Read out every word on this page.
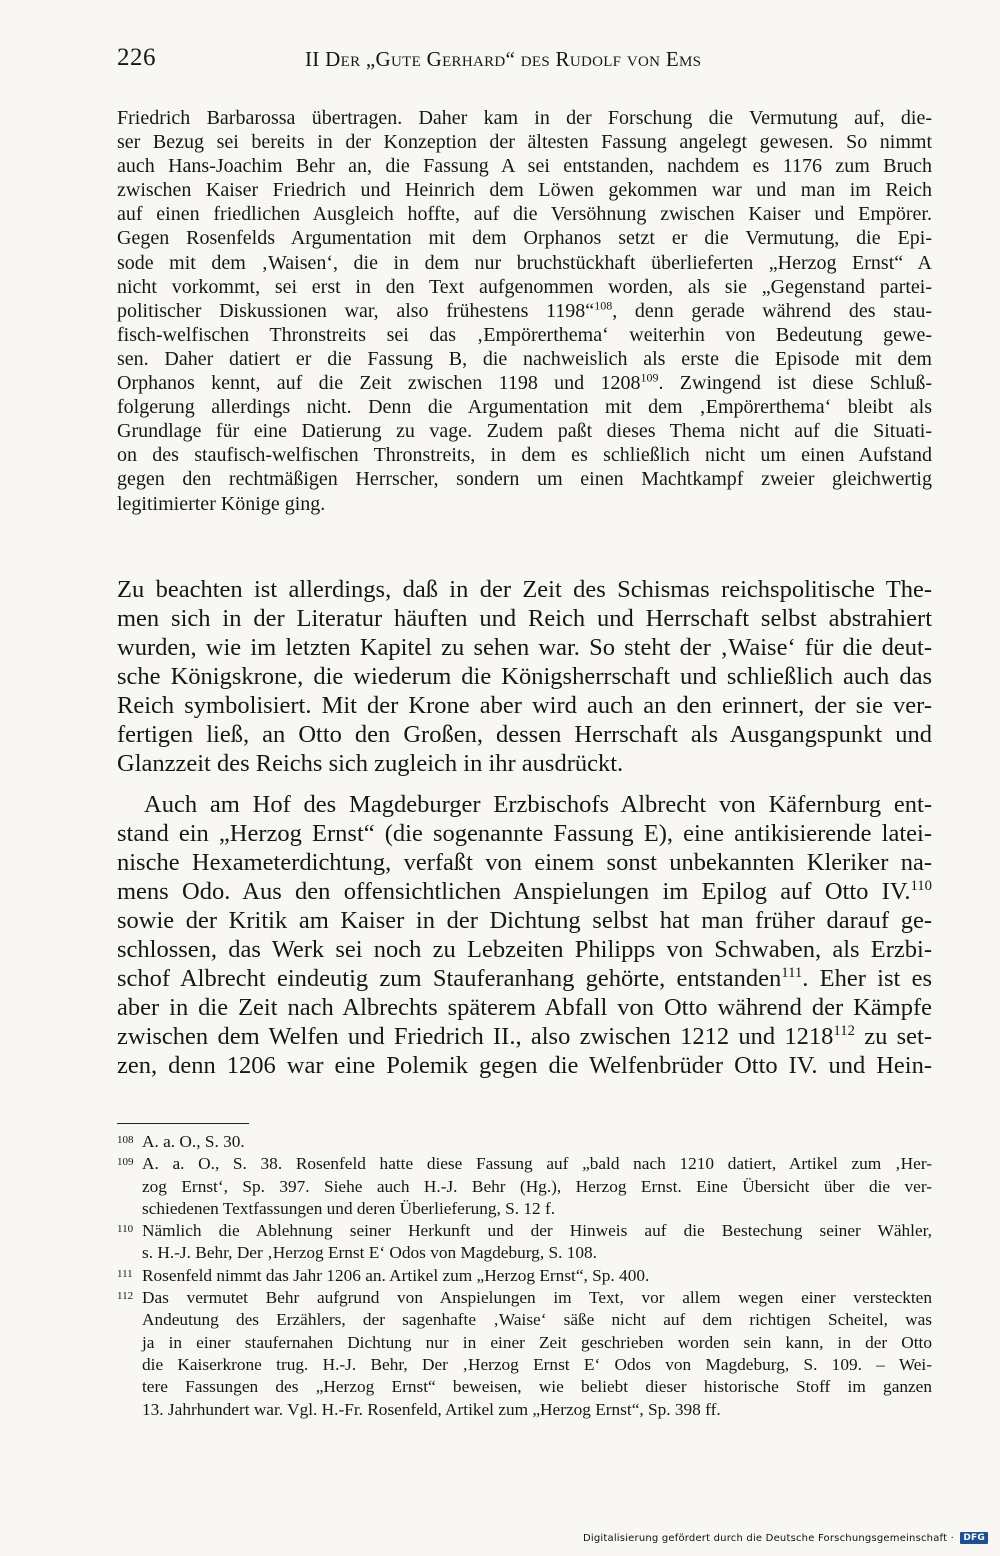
226	II Der „Gute Gerhard“ des Rudolf von Ems
Friedrich Barbarossa übertragen. Daher kam in der Forschung die Vermutung auf, die-
ser Bezug sei bereits in der Konzeption der ältesten Fassung angelegt gewesen. So nimmt
auch Hans-Joachim Behr an, die Fassung A sei entstanden, nachdem es 1176 zum Bruch
zwischen Kaiser Friedrich und Heinrich dem Löwen gekommen war und man im Reich
auf einen friedlichen Ausgleich hoffte, auf die Versöhnung zwischen Kaiser und Empörer.
Gegen Rosenfelds Argumentation mit dem Orphanos setzt er die Vermutung, die Epi-
sode mit dem ‚Waisen‘, die in dem nur bruchstückhaft überlieferten „Herzog Ernst“ A
nicht vorkommt, sei erst in den Text aufgenommen worden, als sie „Gegenstand partei-
politischer Diskussionen war, also frühestens 1198“$^{108}$, denn gerade während des stau-
fisch-welfischen Thronstreits sei das ‚Empörerthema‘ weiterhin von Bedeutung gewe-
sen. Daher datiert er die Fassung B, die nachweislich als erste die Episode mit dem
Orphanos kennt, auf die Zeit zwischen 1198 und 1208$^{109}$. Zwingend ist diese Schluß-
folgerung allerdings nicht. Denn die Argumentation mit dem ‚Empörerthema‘ bleibt als
Grundlage für eine Datierung zu vage. Zudem paßt dieses Thema nicht auf die Situati-
on des staufisch-welfischen Thronstreits, in dem es schließlich nicht um einen Aufstand
gegen den rechtmäßigen Herrscher, sondern um einen Machtkampf zweier gleichwertig
legitimierter Könige ging.
Zu beachten ist allerdings, daß in der Zeit des Schismas reichspolitische The-
men sich in der Literatur häuften und Reich und Herrschaft selbst abstrahiert
wurden, wie im letzten Kapitel zu sehen war. So steht der ‚Waise‘ für die deut-
sche Königskrone, die wiederum die Königsherrschaft und schließlich auch das
Reich symbolisiert. Mit der Krone aber wird auch an den erinnert, der sie ver-
fertigen ließ, an Otto den Großen, dessen Herrschaft als Ausgangspunkt und
Glanzzeit des Reichs sich zugleich in ihr ausdrückt.
Auch am Hof des Magdeburger Erzbischofs Albrecht von Käfernburg ent-
stand ein „Herzog Ernst“ (die sogenannte Fassung E), eine antikisierende latei-
nische Hexameterdichtung, verfaßt von einem sonst unbekannten Kleriker na-
mens Odo. Aus den offensichtlichen Anspielungen im Epilog auf Otto IV.$^{110}$
sowie der Kritik am Kaiser in der Dichtung selbst hat man früher darauf ge-
schlossen, das Werk sei noch zu Lebzeiten Philipps von Schwaben, als Erzbi-
schof Albrecht eindeutig zum Stauferanhang gehörte, entstanden$^{111}$. Eher ist es
aber in die Zeit nach Albrechts späterem Abfall von Otto während der Kämpfe
zwischen dem Welfen und Friedrich II., also zwischen 1212 und 1218$^{112}$ zu set-
zen, denn 1206 war eine Polemik gegen die Welfenbrüder Otto IV. und Hein-
108 A. a. O., S. 30.
109 A. a. O., S. 38. Rosenfeld hatte diese Fassung auf „bald nach 1210 datiert, Artikel zum ‚Her-
zog Ernst‘, Sp. 397. Siehe auch H.-J. Behr (Hg.), Herzog Ernst. Eine Übersicht über die ver-
schiedenen Textfassungen und deren Überlieferung, S. 12 f.
110 Nämlich die Ablehnung seiner Herkunft und der Hinweis auf die Bestechung seiner Wähler,
s. H.-J. Behr, Der ‚Herzog Ernst E‘ Odos von Magdeburg, S. 108.
111 Rosenfeld nimmt das Jahr 1206 an. Artikel zum „Herzog Ernst“, Sp. 400.
112 Das vermutet Behr aufgrund von Anspielungen im Text, vor allem wegen einer versteckten
Andeutung des Erzählers, der sagenhafte ‚Waise‘ säße nicht auf dem richtigen Scheitel, was
ja in einer staufernahen Dichtung nur in einer Zeit geschrieben worden sein kann, in der Otto
die Kaiserkrone trug. H.-J. Behr, Der ‚Herzog Ernst E‘ Odos von Magdeburg, S. 109. – Wei-
tere Fassungen des „Herzog Ernst“ beweisen, wie beliebt dieser historische Stoff im ganzen
13. Jahrhundert war. Vgl. H.-Fr. Rosenfeld, Artikel zum „Herzog Ernst“, Sp. 398 ff.
Digitalisierung gefördert durch die Deutsche Forschungsgemeinschaft · DFG
